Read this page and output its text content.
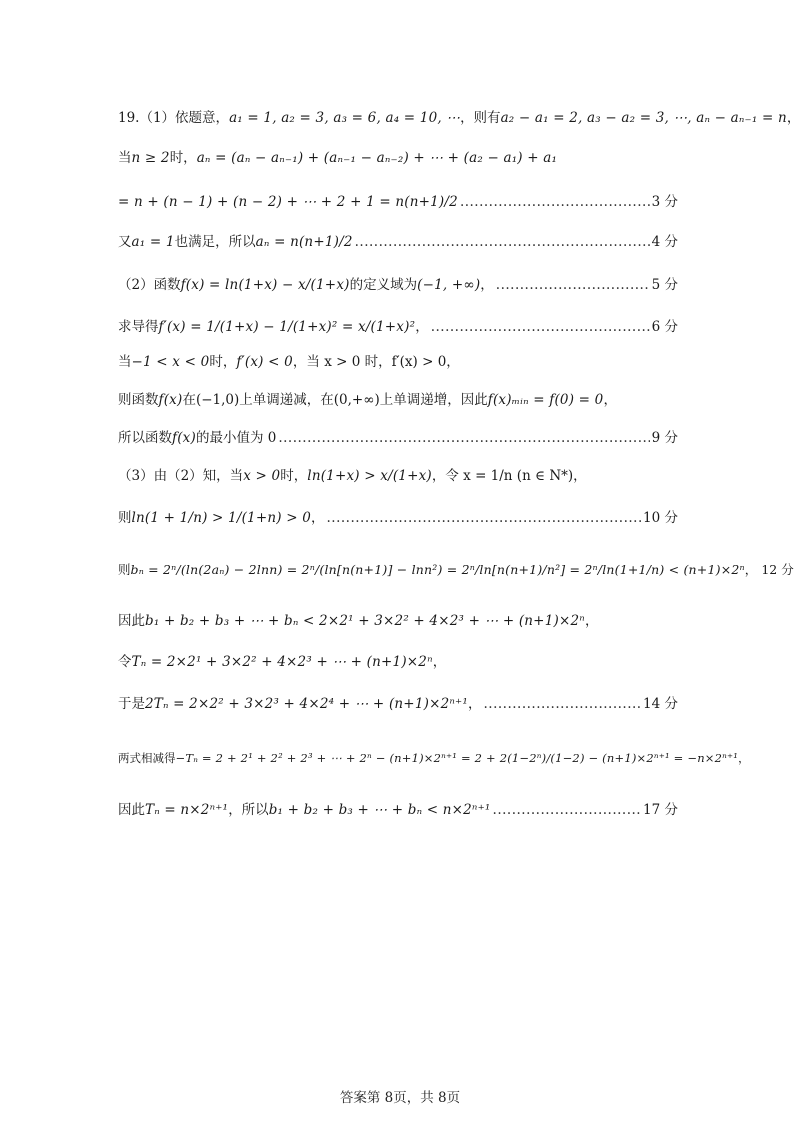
19.（1）依题意， a₁ = 1, a₂ = 3, a₃ = 6, a₄ = 10, ⋯ ，则有 a₂ − a₁ = 2, a₃ − a₂ = 3, ⋯, aₙ − aₙ₋₁ = n ，
当 n ≥ 2 时， aₙ = (aₙ − aₙ₋₁) + (aₙ₋₁ − aₙ₋₂) + ⋯ + (a₂ − a₁) + a₁
= n + (n − 1) + (n − 2) + ⋯ + 2 + 1 = n(n+1)/2 .....	3 分
又 a₁ = 1 也满足，所以 aₙ = n(n+1)/2 .....	4 分
（2）函数 f(x) = ln(1+x) − x/(1+x) 的定义域为 (−1, +∞) ， .....	5 分
求导得 f′(x) = 1/(1+x) − 1/(1+x)² = x/(1+x)² ， .....	6 分
当 −1 < x < 0 时， f′(x) < 0 ，当 x > 0 时，f′(x) > 0，
则函数 f(x) 在(−1,0)上单调递减，在(0,+∞)上单调递增，因此 f(x)ₘᵢₙ = f(0) = 0 ，
所以函数 f(x) 的最小值为 0 .....	9 分
（3）由（2）知，当 x > 0 时， ln(1+x) > x/(1+x) ，令 x = 1/n (n ∈ N*)，
则 ln(1 + 1/n) > 1/(1+n) > 0 ， .....	10 分
则 bₙ = 2ⁿ/(ln(2aₙ) − 2lnn) = 2ⁿ/(ln[n(n+1)] − lnn²) = 2ⁿ/ln[n(n+1)/n²] = 2ⁿ/ln(1+1/n) < (n+1)×2ⁿ ， 12 分
因此 b₁ + b₂ + b₃ + ⋯ + bₙ < 2×2¹ + 3×2² + 4×2³ + ⋯ + (n+1)×2ⁿ ，
令 Tₙ = 2×2¹ + 3×2² + 4×2³ + ⋯ + (n+1)×2ⁿ ，
于是 2Tₙ = 2×2² + 3×2³ + 4×2⁴ + ⋯ + (n+1)×2ⁿ⁺¹ ， .....	14 分
两式相减得 −Tₙ = 2 + 2¹ + 2² + 2³ + ⋯ + 2ⁿ − (n+1)×2ⁿ⁺¹ = 2 + 2(1−2ⁿ)/(1−2) − (n+1)×2ⁿ⁺¹ = −n×2ⁿ⁺¹ ，
因此 Tₙ = n×2ⁿ⁺¹ ，所以 b₁ + b₂ + b₃ + ⋯ + bₙ < n×2ⁿ⁺¹ .....	17 分
答案第 8页，共 8页
